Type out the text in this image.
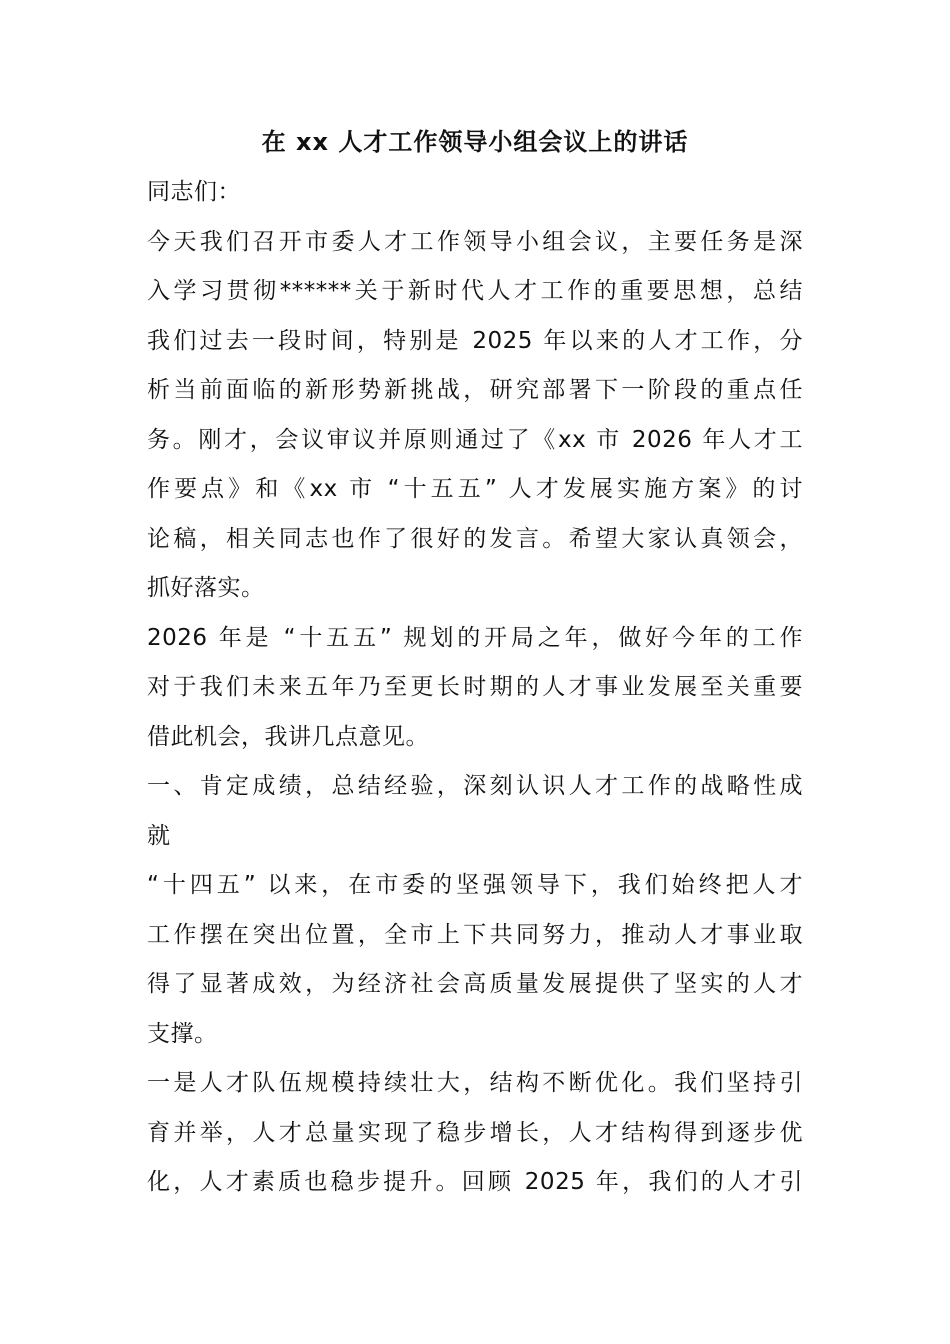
在 xx 人才工作领导小组会议上的讲话
同志们：
今天我们召开市委人才工作领导小组会议，主要任务是深
入学习贯彻******关于新时代人才工作的重要思想，总结
我们过去一段时间，特别是 2025 年以来的人才工作，分
析当前面临的新形势新挑战，研究部署下一阶段的重点任
务。刚才，会议审议并原则通过了《xx 市 2026 年人才工
作要点》和《xx 市 “十五五” 人才发展实施方案》的讨
论稿，相关同志也作了很好的发言。希望大家认真领会，
抓好落实。
2026 年是 “十五五” 规划的开局之年，做好今年的工作
对于我们未来五年乃至更长时期的人才事业发展至关重要
借此机会，我讲几点意见。
一、肯定成绩，总结经验，深刻认识人才工作的战略性成
就
“十四五” 以来，在市委的坚强领导下，我们始终把人才
工作摆在突出位置，全市上下共同努力，推动人才事业取
得了显著成效，为经济社会高质量发展提供了坚实的人才
支撑。
一是人才队伍规模持续壮大，结构不断优化。我们坚持引
育并举，人才总量实现了稳步增长，人才结构得到逐步优
化，人才素质也稳步提升。回顾 2025 年，我们的人才引
